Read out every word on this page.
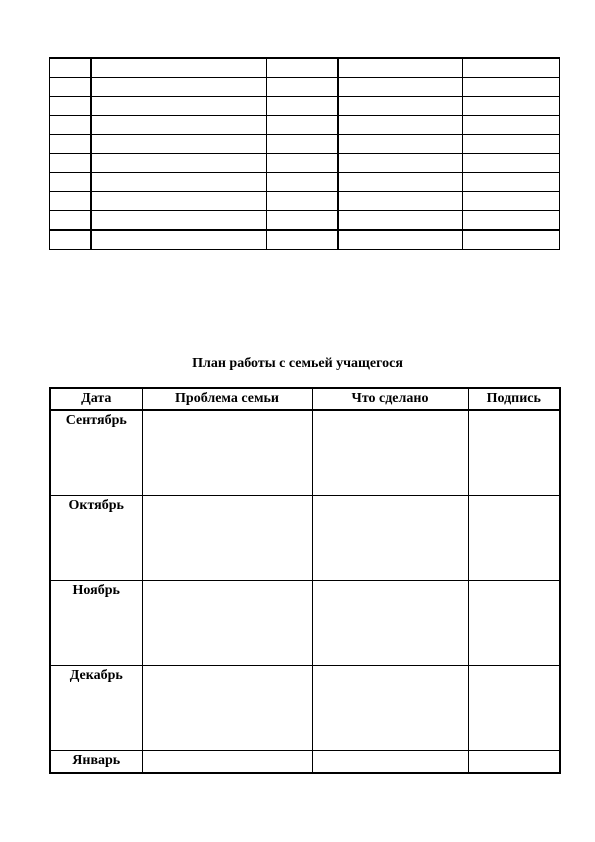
План работы с семьей учащегося
Дата	Проблема семьи	Что сделано	Подпись
Сентябрь			
Октябрь			
Ноябрь			
Декабрь			
Январь			
